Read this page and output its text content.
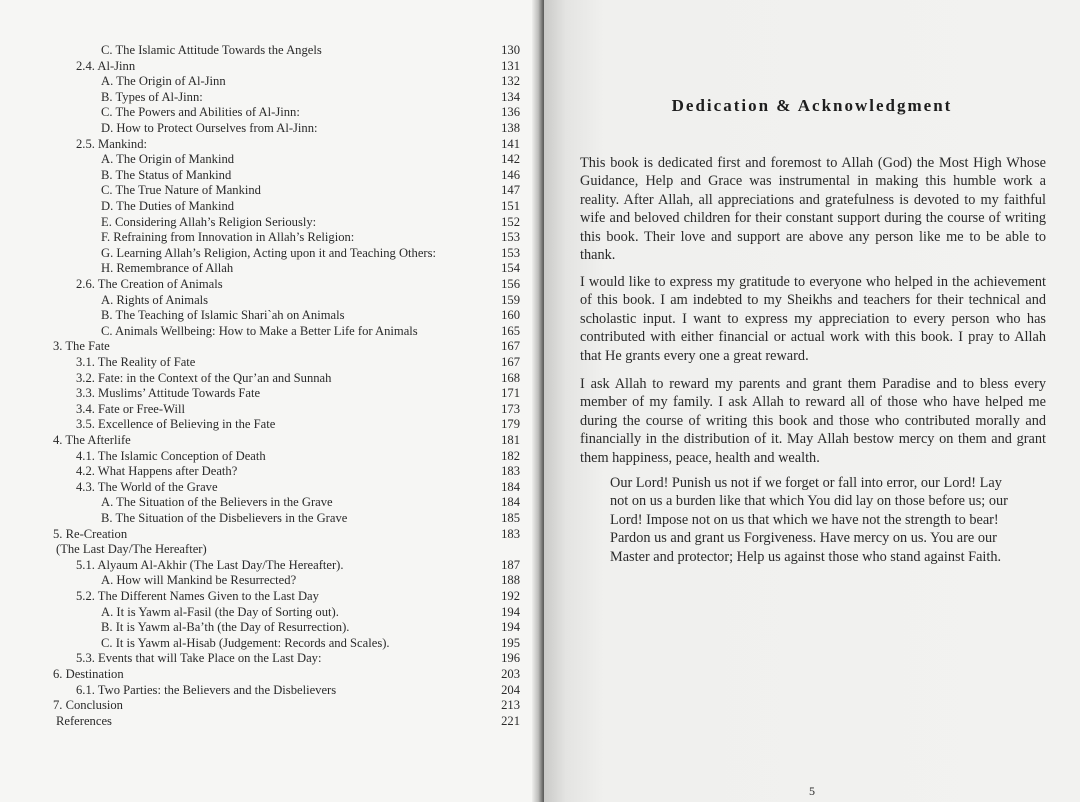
C. The Islamic Attitude Towards the Angels	130
2.4. Al-Jinn	131
A. The Origin of Al-Jinn	132
B. Types of Al-Jinn:	134
C. The Powers and Abilities of Al-Jinn:	136
D. How to Protect Ourselves from Al-Jinn:	138
2.5. Mankind:	141
A. The Origin of Mankind	142
B. The Status of Mankind	146
C. The True Nature of Mankind	147
D. The Duties of Mankind	151
E. Considering Allah’s Religion Seriously:	152
F. Refraining from Innovation in Allah’s Religion:	153
G. Learning Allah’s Religion, Acting upon it and Teaching Others:	153
H. Remembrance of Allah	154
2.6. The Creation of Animals	156
A. Rights of Animals	159
B. The Teaching of Islamic Shari`ah on Animals	160
C. Animals Wellbeing: How to Make a Better Life for Animals	165
3. The Fate	167
3.1. The Reality of Fate	167
3.2. Fate: in the Context of the Qur’an and Sunnah	168
3.3. Muslims’ Attitude Towards Fate	171
3.4. Fate or Free-Will	173
3.5. Excellence of Believing in the Fate	179
4. The Afterlife	181
4.1. The Islamic Conception of Death	182
4.2. What Happens after Death?	183
4.3. The World of the Grave	184
A. The Situation of the Believers in the Grave	184
B. The Situation of the Disbelievers in the Grave	185
5. Re-Creation	183
(The Last Day/The Hereafter)
5.1. Alyaum Al-Akhir (The Last Day/The Hereafter).	187
A. How will Mankind be Resurrected?	188
5.2. The Different Names Given to the Last Day	192
A. It is Yawm al-Fasil (the Day of Sorting out).	194
B. It is Yawm al-Ba’th (the Day of Resurrection).	194
C. It is Yawm al-Hisab (Judgement: Records and Scales).	195
5.3. Events that will Take Place on the Last Day:	196
6. Destination	203
6.1. Two Parties: the Believers and the Disbelievers	204
7. Conclusion	213
References	221
Dedication & Acknowledgment
This book is dedicated first and foremost to Allah (God) the Most High Whose Guidance, Help and Grace was instrumental in making this humble work a reality. After Allah, all appreciations and gratefulness is devoted to my faithful wife and beloved children for their constant support during the course of writing this book. Their love and support are above any person like me to be able to thank.
I would like to express my gratitude to everyone who helped in the achievement of this book. I am indebted to my Sheikhs and teachers for their technical and scholastic input. I want to express my appreciation to every person who has contributed with either financial or actual work with this book. I pray to Allah that He grants every one a great reward.
I ask Allah to reward my parents and grant them Paradise and to bless every member of my family. I ask Allah to reward all of those who have helped me during the course of writing this book and those who contributed morally and financially in the distribution of it. May Allah bestow mercy on them and grant them happiness, peace, health and wealth.
Our Lord! Punish us not if we forget or fall into error, our Lord! Lay not on us a burden like that which You did lay on those before us; our Lord! Impose not on us that which we have not the strength to bear! Pardon us and grant us Forgiveness. Have mercy on us. You are our Master and protector; Help us against those who stand against Faith.
5
